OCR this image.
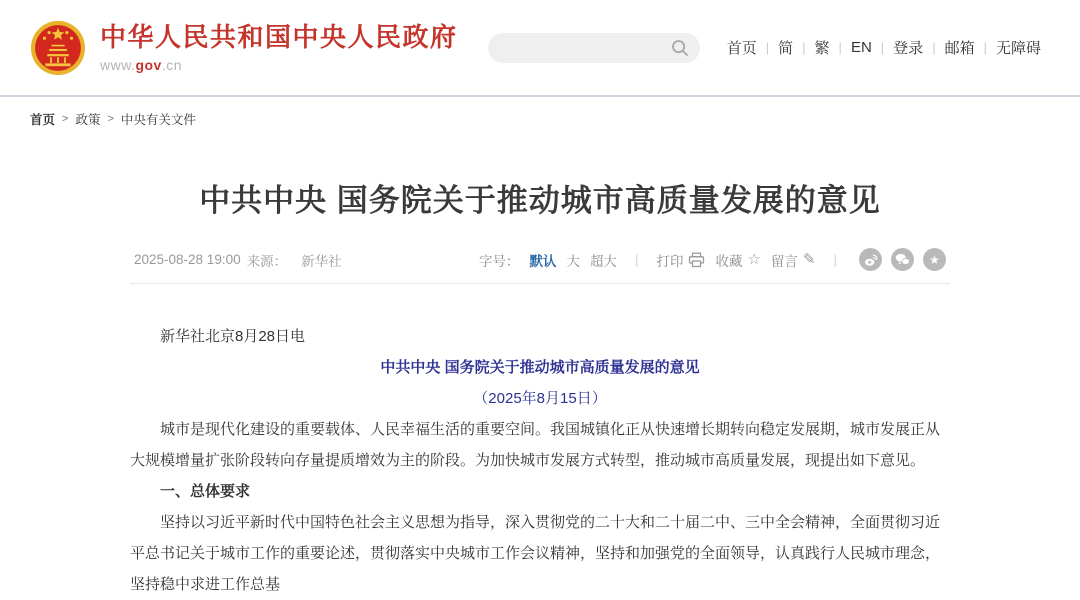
中华人民共和国中央人民政府
www.gov.cn
首页 | 简 | 繁 | EN | 登录 | 邮箱 | 无障碍
首页 > 政策 > 中央有关文件
中共中央 国务院关于推动城市高质量发展的意见
2025-08-28 19:00 来源： 新华社	字号： 默认 大 超大	|	打印 收藏 ☆ 留言 ✎	|	★

新华社北京8月28日电

中共中央 国务院关于推动城市高质量发展的意见

（2025年8月15日）

城市是现代化建设的重要载体、人民幸福生活的重要空间。我国城镇化正从快速增长期转向稳定发展期，城市发展正从大规模增量扩张阶段转向存量提质增效为主的阶段。为加快城市发展方式转型，推动城市高质量发展，现提出如下意见。

一、总体要求

坚持以习近平新时代中国特色社会主义思想为指导，深入贯彻党的二十大和二十届二中、三中全会精神，全面贯彻习近平总书记关于城市工作的重要论述，贯彻落实中央城市工作会议精神，坚持和加强党的全面领导，认真践行人民城市理念，坚持稳中求进工作总基
